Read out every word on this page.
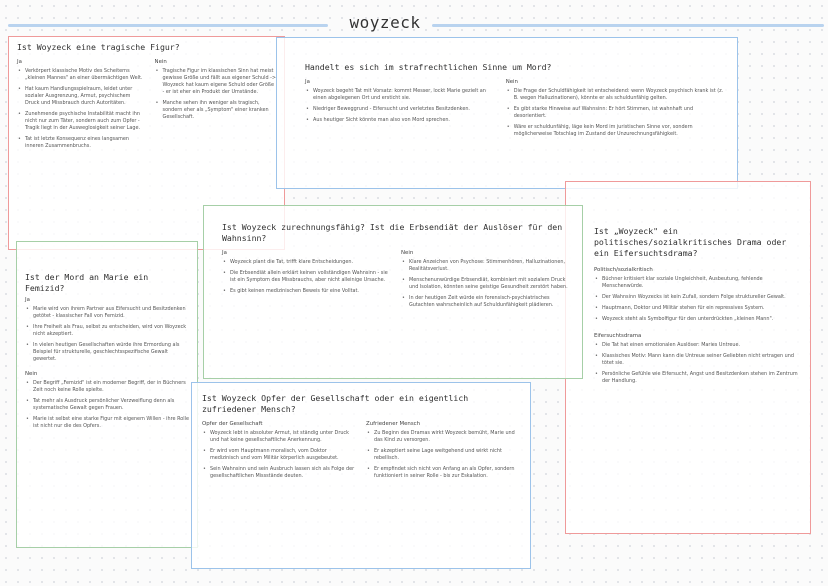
woyzeck
Ist Woyzeck eine tragische Figur?
Ja
• Verkörpert klassische Motiv des Scheiterns „kleinen Mannes" an einer übermächtigen Welt.
• Hat kaum Handlungsspielraum, leidet unter sozialer Ausgrenzung, Armut, psychischem Druck und Missbrauch durch Autoritäten.
• Zunehmende psychische Instabilität macht ihn nicht nur zum Täter, sondern auch zum Opfer - Tragik liegt in der Ausweglosigkeit seiner Lage.
• Tat ist letzte Konsequenz eines langsamen inneren Zusammenbruchs.
Nein
• Tragische Figur im klassischen Sinn hat meist gewisse Größe und fällt aus eigener Schuld -> Woyzeck hat kaum eigene Schuld oder Größe - er ist eher ein Produkt der Umstände.
• Manche sehen ihn weniger als tragisch, sondern eher als „Symptom" einer kranken Gesellschaft.
Handelt es sich im strafrechtlichen Sinne um Mord?
Ja
• Woyzeck begeht Tat mit Vorsatz: kommt Messer, lockt Marie gezielt an einen abgelegenen Ort und ersticht sie.
• Niedriger Beweggrund - Eifersucht und verletztes Besitzdenken.
• Aus heutiger Sicht könnte man also von Mord sprechen.
Nein
• Die Frage der Schuldfähigkeit ist entscheidend: wenn Woyzeck psychisch krank ist (z. B. wegen Halluzinationen), könnte er als schuldunfähig gelten.
• Es gibt starke Hinweise auf Wahnsinn: Er hört Stimmen, ist wahnhaft und desorientiert.
• Wäre er schuldunfähig, läge kein Mord im juristischen Sinne vor, sondern möglicherweise Totschlag im Zustand der Unzurechnungsfähigkeit.
Ist „Woyzeck" ein politisches/sozialkritisches Drama oder ein Eifersuchtsdrama?
Politisch/sozialkritisch
• Büchner kritisiert klar soziale Ungleichheit, Ausbeutung, fehlende Menschenwürde.
• Der Wahnsinn Woyzecks ist kein Zufall, sondern Folge struktureller Gewalt.
• Hauptmann, Doktor und Militär stehen für ein repressives System.
• Woyzeck steht als Symbolfigur für den unterdrückten „kleinen Mann".
Eifersuchtsdrama
• Die Tat hat einen emotionalen Auslöser: Maries Untreue.
• Klassisches Motiv: Mann kann die Untreue seiner Geliebten nicht ertragen und tötet sie.
• Persönliche Gefühle wie Eifersucht, Angst und Besitzdenken stehen im Zentrum der Handlung.
Ist der Mord an Marie ein Femizid?
Ja
• Marie wird von ihrem Partner aus Eifersucht und Besitzdenken getötet - klassischer Fall von Femizid.
• Ihre Freiheit als Frau, selbst zu entscheiden, wird von Woyzeck nicht akzeptiert.
• In vielen heutigen Gesellschaften würde ihre Ermordung als Beispiel für strukturelle, geschlechtsspezifische Gewalt gewertet.
Nein
• Der Begriff „Femizid" ist ein moderner Begriff, der in Büchners Zeit noch keine Rolle spielte.
• Tat mehr als Ausdruck persönlicher Verzweiflung denn als systematische Gewalt gegen Frauen.
• Marie ist selbst eine starke Figur mit eigenem Willen - ihre Rolle ist nicht nur die des Opfers.
Ist Woyzeck zurechnungsfähig? Ist die Erbsendiät der Auslöser für den Wahnsinn?
Ja
• Woyzeck plant die Tat, trifft klare Entscheidungen.
• Die Erbsendiät allein erklärt keinen vollständigen Wahnsinn - sie ist ein Symptom des Missbrauchs, aber nicht alleinige Ursache.
• Es gibt keinen medizinischen Beweis für eine Volltat.
Nein
• Klare Anzeichen von Psychose: Stimmenhören, Halluzinationen, Realitätsverlust.
• Menschenunwürdige Erbsendiät, kombiniert mit sozialem Druck und Isolation, könnten seine geistige Gesundheit zerstört haben.
• In der heutigen Zeit würde ein forensisch-psychiatrisches Gutachten wahrscheinlich auf Schuldunfähigkeit plädieren.
Ist Woyzeck Opfer der Gesellschaft oder ein eigentlich zufriedener Mensch?
Opfer der Gesellschaft
• Woyzeck lebt in absoluter Armut, ist ständig unter Druck und hat keine gesellschaftliche Anerkennung.
• Er wird vom Hauptmann moralisch, vom Doktor medizinisch und vom Militär körperlich ausgebeutet.
• Sein Wahnsinn und sein Ausbruch lassen sich als Folge der gesellschaftlichen Missstände deuten.
Zufriedener Mensch
• Zu Beginn des Dramas wirkt Woyzeck bemüht, Marie und das Kind zu versorgen.
• Er akzeptiert seine Lage weitgehend und wirkt nicht rebellisch.
• Er empfindet sich nicht von Anfang an als Opfer, sondern funktioniert in seiner Rolle - bis zur Eskalation.
